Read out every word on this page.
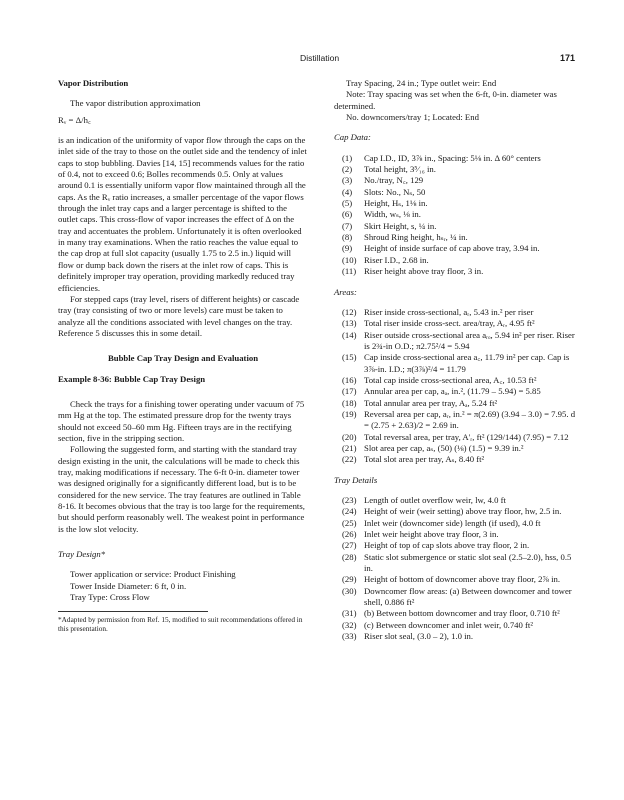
Distillation	171

Vapor Distribution

The vapor distribution approximation

Rᵥ = Δ/h꜀

is an indication of the uniformity of vapor flow through the caps on the inlet side of the tray to those on the outlet side and the tendency of inlet caps to stop bubbling. Davies [14, 15] recommends values for the ratio of 0.4, not to exceed 0.6; Bolles recommends 0.5. Only at values around 0.1 is essentially uniform vapor flow maintained through all the caps. As the Rᵥ ratio increases, a smaller percentage of the vapor flows through the inlet tray caps and a larger percentage is shifted to the outlet caps. This cross-flow of vapor increases the effect of Δ on the tray and accentuates the problem. Unfortunately it is often overlooked in many tray examinations. When the ratio reaches the value equal to the cap drop at full slot capacity (usually 1.75 to 2.5 in.) liquid will flow or dump back down the risers at the inlet row of caps. This is definitely improper tray operation, providing markedly reduced tray efficiencies.

For stepped caps (tray level, risers of different heights) or cascade tray (tray consisting of two or more levels) care must be taken to analyze all the conditions associated with level changes on the tray. Reference 5 discusses this in some detail.

Bubble Cap Tray Design and Evaluation

Example 8-36: Bubble Cap Tray Design

Check the trays for a finishing tower operating under vacuum of 75 mm Hg at the top. The estimated pressure drop for the twenty trays should not exceed 50–60 mm Hg. Fifteen trays are in the rectifying section, five in the stripping section.

Following the suggested form, and starting with the standard tray design existing in the unit, the calculations will be made to check this tray, making modifications if necessary. The 6-ft 0-in. diameter tower was designed originally for a significantly different load, but is to be considered for the new service. The tray features are outlined in Table 8-16. It becomes obvious that the tray is too large for the requirements, but should perform reasonably well. The weakest point in performance is the low slot velocity.

Tray Design*

Tower application or service: Product Finishing

Tower Inside Diameter: 6 ft, 0 in.

Tray Type: Cross Flow

*Adapted by permission from Ref. 15, modified to suit recommendations offered in this presentation.

Tray Spacing, 24 in.; Type outlet weir: End

Note: Tray spacing was set when the 6-ft, 0-in. diameter was determined.

No. downcomers/tray 1; Located: End

Cap Data:

(1)	Cap I.D., ID, 3⅞ in., Spacing: 5⅛ in. Δ 60° centers
(2)	Total height, 3⁵⁄₁₆ in.
(3)	No./tray, N꜀, 129
(4)	Slots: No., Nₛ, 50
(5)	Height, Hₛ, 1⅛ in.
(6)	Width, wₛ, ⅛ in.
(7)	Skirt Height, s, ¼ in.
(8)	Shroud Ring height, hₛᵣ, ¼ in.
(9)	Height of inside surface of cap above tray, 3.94 in.
(10) Riser I.D., 2.68 in.
(11) Riser height above tray floor, 3 in.

Areas:

(12) Riser inside cross-sectional, aᵣ, 5.43 in.² per riser
(13) Total riser inside cross-sect. area/tray, Aᵣ, 4.95 ft²
(14) Riser outside cross-sectional area aᵣₒ, 5.94 in² per riser. Riser is 2¾-in O.D.; π2.75²/4 = 5.94
(15) Cap inside cross-sectional area a꜀, 11.79 in² per cap. Cap is 3⅞-in. I.D.; π(3⅞)²/4 = 11.79
(16) Total cap inside cross-sectional area, A꜀, 10.53 ft²
(17) Annular area per cap, aₐ, in.², (11.79 – 5.94) = 5.85
(18) Total annular area per tray, Aₐ, 5.24 ft²
(19) Reversal area per cap, aᵣ, in.² = π(2.69) (3.94 – 3.0) = 7.95. d = (2.75 + 2.63)/2 = 2.69 in.
(20) Total reversal area, per tray, A'ᵣ, ft² (129/144) (7.95) = 7.12
(21) Slot area per cap, aₛ, (50) (⅛) (1.5) = 9.39 in.²
(22) Total slot area per tray, Aₛ, 8.40 ft²

Tray Details

(23) Length of outlet overflow weir, lw, 4.0 ft
(24) Height of weir (weir setting) above tray floor, hw, 2.5 in.
(25) Inlet weir (downcomer side) length (if used), 4.0 ft
(26) Inlet weir height above tray floor, 3 in.
(27) Height of top of cap slots above tray floor, 2 in.
(28) Static slot submergence or static slot seal (2.5–2.0), hss, 0.5 in.
(29) Height of bottom of downcomer above tray floor, 2⅞ in.
(30) Downcomer flow areas: (a) Between downcomer and tower shell, 0.886 ft²
(31) (b) Between bottom downcomer and tray floor, 0.710 ft²
(32) (c) Between downcomer and inlet weir, 0.740 ft²
(33) Riser slot seal, (3.0 – 2), 1.0 in.
